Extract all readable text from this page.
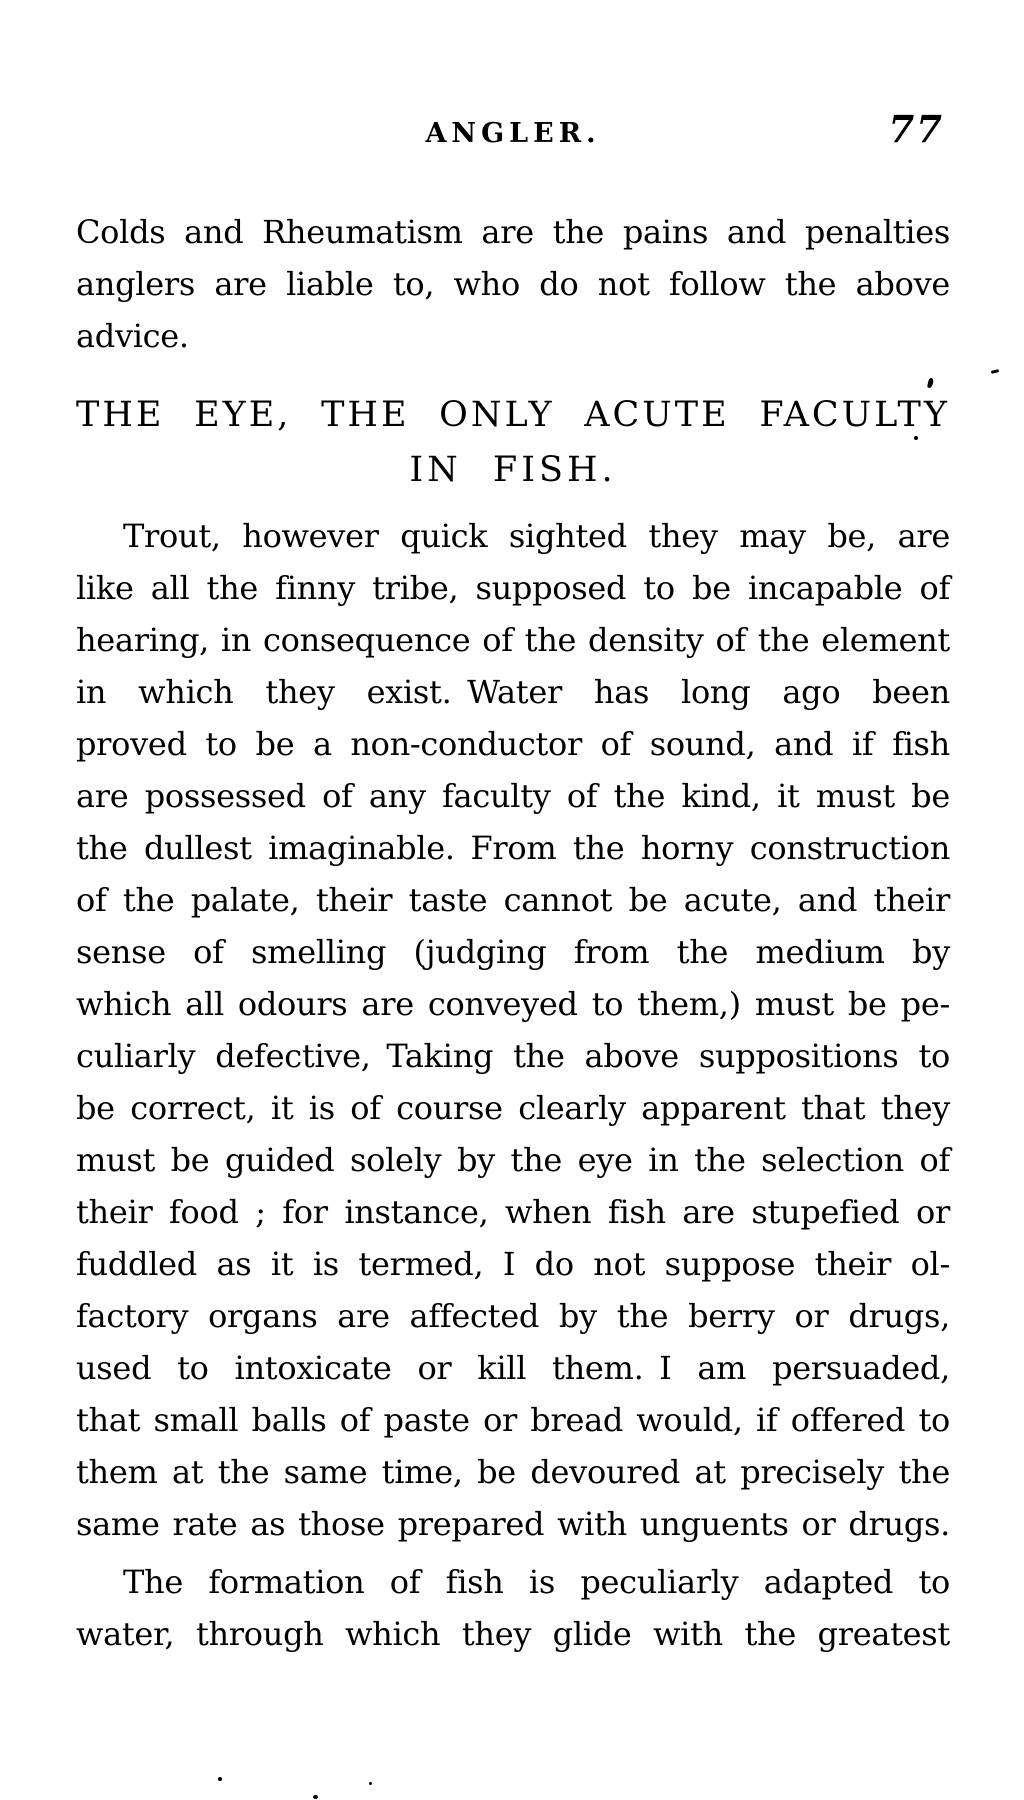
ANGLER.	77
Colds and Rheumatism are the pains and penalties
anglers are liable to, who do not follow the above
advice.
THE EYE, THE ONLY ACUTE FACULTY
IN FISH.
Trout, however quick sighted they may be, are
like all the finny tribe, supposed to be incapable of
hearing, in consequence of the density of the element
in which they exist. Water has long ago been
proved to be a non-conductor of sound, and if fish
are possessed of any faculty of the kind, it must be
the dullest imaginable. From the horny construction
of the palate, their taste cannot be acute, and their
sense of smelling (judging from the medium by
which all odours are conveyed to them,) must be pe-
culiarly defective, Taking the above suppositions to
be correct, it is of course clearly apparent that they
must be guided solely by the eye in the selection of
their food ; for instance, when fish are stupefied or
fuddled as it is termed, I do not suppose their ol-
factory organs are affected by the berry or drugs,
used to intoxicate or kill them. I am persuaded,
that small balls of paste or bread would, if offered to
them at the same time, be devoured at precisely the
same rate as those prepared with unguents or drugs.
The formation of fish is peculiarly adapted to
water, through which they glide with the greatest
